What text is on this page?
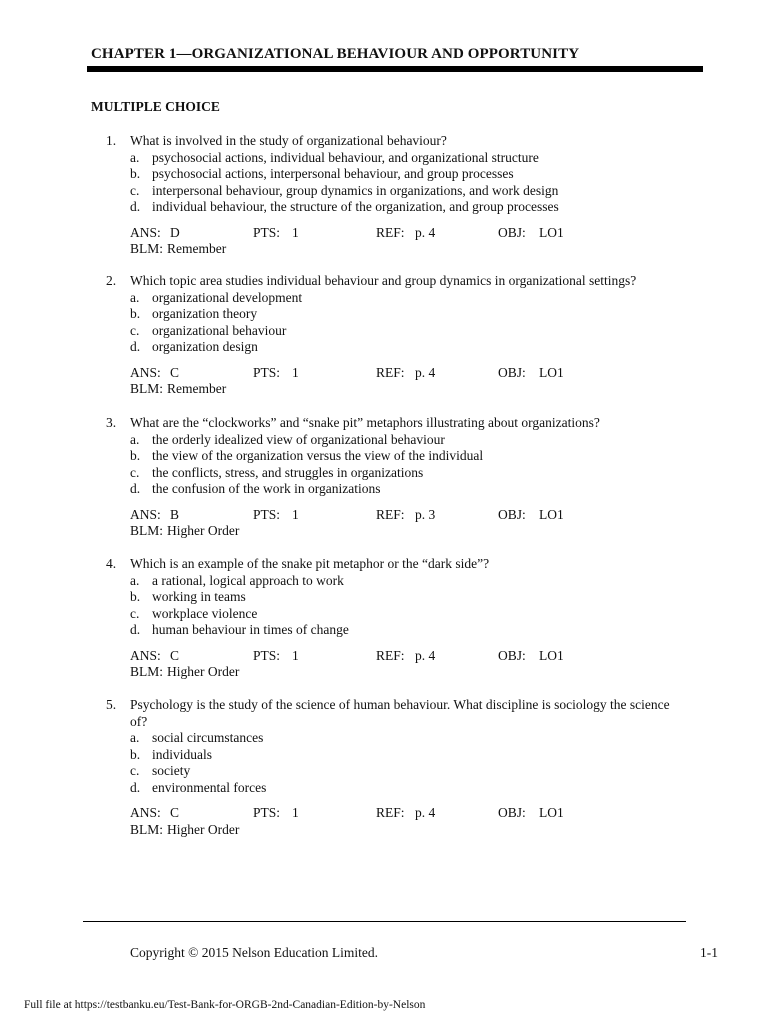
CHAPTER 1—ORGANIZATIONAL BEHAVIOUR AND OPPORTUNITY
MULTIPLE CHOICE
1.	What is involved in the study of organizational behaviour?
a. psychosocial actions, individual behaviour, and organizational structure
b. psychosocial actions, interpersonal behaviour, and group processes
c. interpersonal behaviour, group dynamics in organizations, and work design
d. individual behaviour, the structure of the organization, and group processes
ANS: D	PTS: 1	REF: p. 4	OBJ: LO1
BLM: Remember
2.	Which topic area studies individual behaviour and group dynamics in organizational settings?
a. organizational development
b. organization theory
c. organizational behaviour
d. organization design
ANS: C	PTS: 1	REF: p. 4	OBJ: LO1
BLM: Remember
3.	What are the “clockworks” and “snake pit” metaphors illustrating about organizations?
a. the orderly idealized view of organizational behaviour
b. the view of the organization versus the view of the individual
c. the conflicts, stress, and struggles in organizations
d. the confusion of the work in organizations
ANS: B	PTS: 1	REF: p. 3	OBJ: LO1
BLM: Higher Order
4.	Which is an example of the snake pit metaphor or the “dark side”?
a. a rational, logical approach to work
b. working in teams
c. workplace violence
d. human behaviour in times of change
ANS: C	PTS: 1	REF: p. 4	OBJ: LO1
BLM: Higher Order
5.	Psychology is the study of the science of human behaviour. What discipline is sociology the science
of?
a. social circumstances
b. individuals
c. society
d. environmental forces
ANS: C	PTS: 1	REF: p. 4	OBJ: LO1
BLM: Higher Order
Copyright © 2015 Nelson Education Limited.	1-1
Full file at https://testbanku.eu/Test-Bank-for-ORGB-2nd-Canadian-Edition-by-Nelson
